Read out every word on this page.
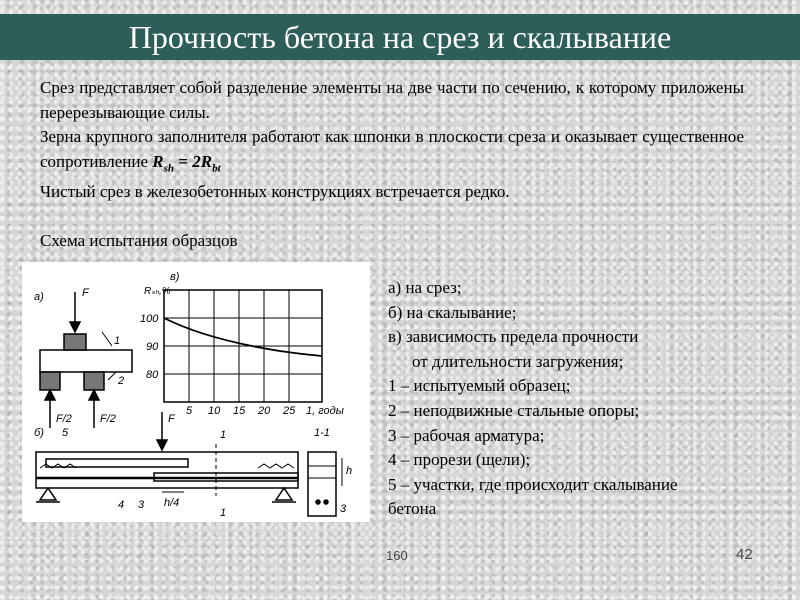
Прочность бетона на срез и скалывание

Срез представляет собой разделение элементы на две части по сечению, к которому приложены перерезывающие силы.

Зерна крупного заполнителя работают как шпонки в плоскости среза и оказывает существенное сопротивление $R_{sh} = 2R_{bt}$

Чистый срез в железобетонных конструкциях встречается редко.

Схема испытания образцов

а)	F
1
2
F/2	F/2
в)
Rₛₕ,%
100
90
80
5 10 15 20 25 1, годы
б) 5
F
1	1-1
h
h/4
1
4 3	3
а) на срез;
б) на скалывание;
в) зависимость предела прочности
от длительности загружения;
1 – испытуемый образец;
2 – неподвижные стальные опоры;
3 – рабочая арматура;
4 – прорези (щели);
5 – участки, где происходит скалывание
бетона
160	42
